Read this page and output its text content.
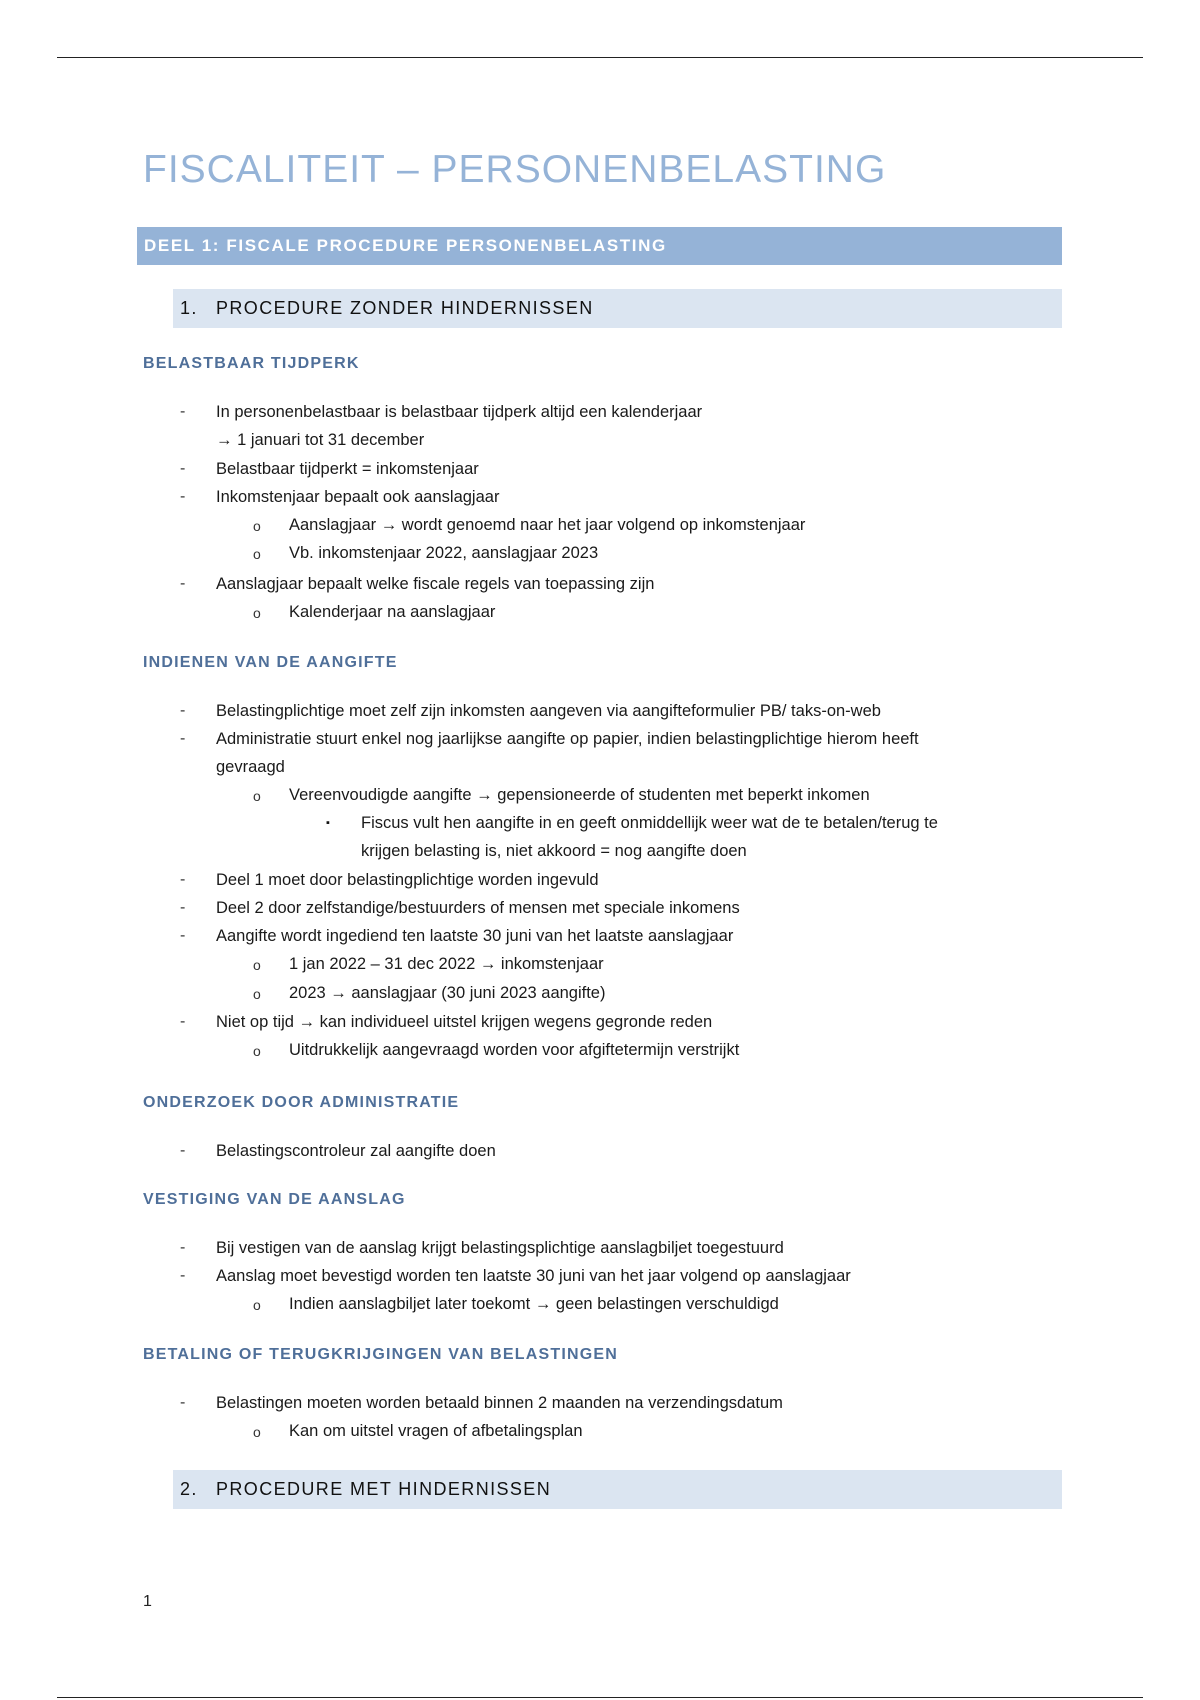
FISCALITEIT – PERSONENBELASTING
DEEL 1: FISCALE PROCEDURE PERSONENBELASTING
1.	PROCEDURE ZONDER HINDERNISSEN
BELASTBAAR TIJDPERK
- In personenbelastbaar is belastbaar tijdperk altijd een kalenderjaar
→ 1 januari tot 31 december
- Belastbaar tijdperkt = inkomstenjaar
- Inkomstenjaar bepaalt ook aanslagjaar
o Aanslagjaar → wordt genoemd naar het jaar volgend op inkomstenjaar
o Vb. inkomstenjaar 2022, aanslagjaar 2023
- Aanslagjaar bepaalt welke fiscale regels van toepassing zijn
o Kalenderjaar na aanslagjaar
INDIENEN VAN DE AANGIFTE
- Belastingplichtige moet zelf zijn inkomsten aangeven via aangifteformulier PB/ taks-on-web
- Administratie stuurt enkel nog jaarlijkse aangifte op papier, indien belastingplichtige hierom heeft
gevraagd
o Vereenvoudigde aangifte → gepensioneerde of studenten met beperkt inkomen
▪ Fiscus vult hen aangifte in en geeft onmiddellijk weer wat de te betalen/terug te
krijgen belasting is, niet akkoord = nog aangifte doen
- Deel 1 moet door belastingplichtige worden ingevuld
- Deel 2 door zelfstandige/bestuurders of mensen met speciale inkomens
- Aangifte wordt ingediend ten laatste 30 juni van het laatste aanslagjaar
o 1 jan 2022 – 31 dec 2022 → inkomstenjaar
o 2023 → aanslagjaar (30 juni 2023 aangifte)
- Niet op tijd → kan individueel uitstel krijgen wegens gegronde reden
o Uitdrukkelijk aangevraagd worden voor afgiftetermijn verstrijkt
ONDERZOEK DOOR ADMINISTRATIE
- Belastingscontroleur zal aangifte doen
VESTIGING VAN DE AANSLAG
- Bij vestigen van de aanslag krijgt belastingsplichtige aanslagbiljet toegestuurd
- Aanslag moet bevestigd worden ten laatste 30 juni van het jaar volgend op aanslagjaar
o Indien aanslagbiljet later toekomt → geen belastingen verschuldigd
BETALING OF TERUGKRIJGINGEN VAN BELASTINGEN
- Belastingen moeten worden betaald binnen 2 maanden na verzendingsdatum
o Kan om uitstel vragen of afbetalingsplan
2.	PROCEDURE MET HINDERNISSEN
1
